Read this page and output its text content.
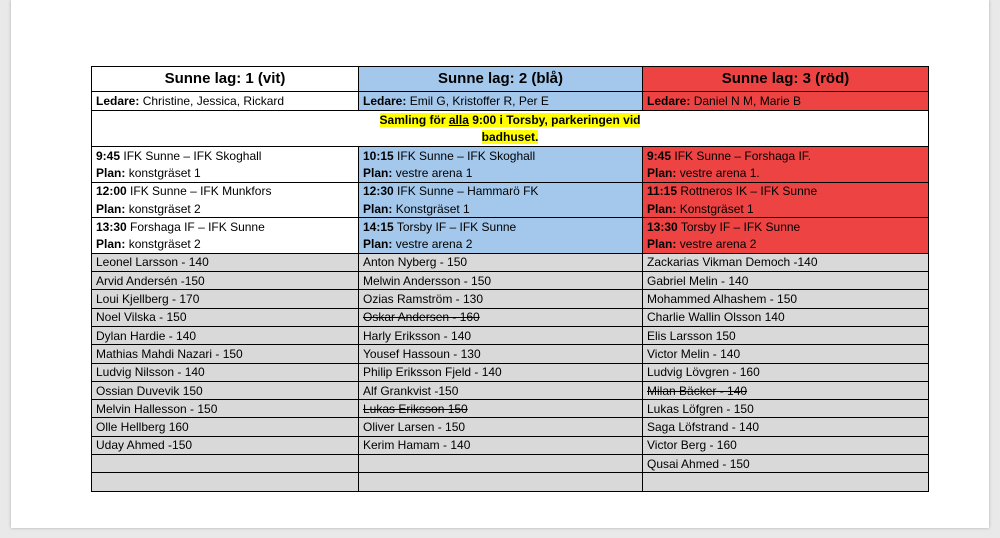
Sunne lag: 1 (vit)	Sunne lag: 2 (blå)	Sunne lag: 3 (röd)
Ledare: Christine, Jessica, Rickard	Ledare: Emil G, Kristoffer R, Per E	Ledare: Daniel N M, Marie B
Samling för alla 9:00 i Torsby, parkeringen vid
badhuset.		
9:45 IFK Sunne – IFK Skoghall	10:15 IFK Sunne – IFK Skoghall	9:45 IFK Sunne – Forshaga IF.
Plan: konstgräset 1	Plan: vestre arena 1	Plan: vestre arena 1.
12:00 IFK Sunne – IFK Munkfors	12:30 IFK Sunne – Hammarö FK	11:15 Rottneros IK – IFK Sunne
Plan: konstgräset 2	Plan: Konstgräset 1	Plan: Konstgräset 1
13:30 Forshaga IF – IFK Sunne	14:15 Torsby IF – IFK Sunne	13:30 Torsby IF – IFK Sunne
Plan: konstgräset 2	Plan: vestre arena 2	Plan: vestre arena 2
Leonel Larsson - 140	Anton Nyberg - 150	Zackarias Vikman Democh -140
Arvid Andersén -150	Melwin Andersson - 150	Gabriel Melin - 140
Loui Kjellberg - 170	Ozias Ramström - 130	Mohammed Alhashem - 150
Noel Vilska - 150	Oskar Andersen - 160	Charlie Wallin Olsson 140
Dylan Hardie - 140	Harly Eriksson - 140	Elis Larsson 150
Mathias Mahdi Nazari - 150	Yousef Hassoun - 130	Victor Melin - 140
Ludvig Nilsson - 140	Philip Eriksson Fjeld - 140	Ludvig Lövgren - 160
Ossian Duvevik 150	Alf Grankvist -150	Milan Bäcker - 140
Melvin Hallesson - 150	Lukas Eriksson 150	Lukas Löfgren - 150
Olle Hellberg 160	Oliver Larsen - 150	Saga Löfstrand - 140
Uday Ahmed -150	Kerim Hamam - 140	Victor Berg - 160
		Qusai Ahmed - 150
